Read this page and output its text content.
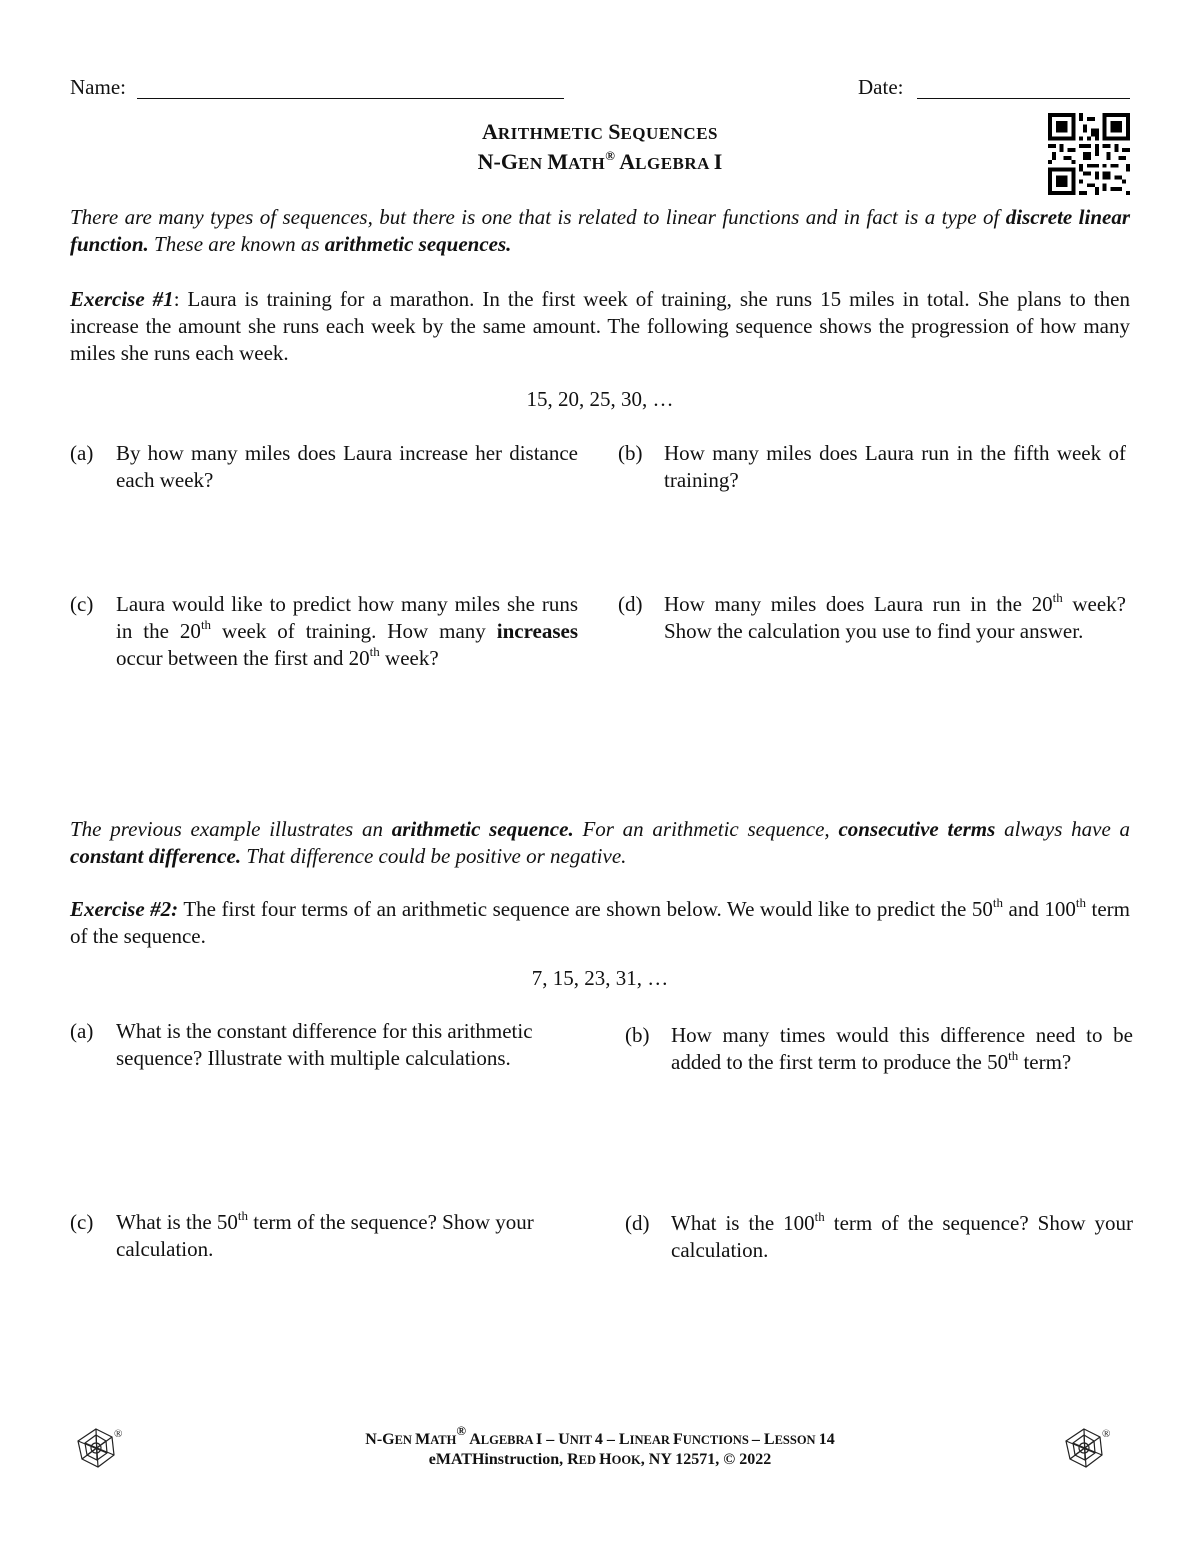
Name:	Date:
ARITHMETIC SEQUENCES
N-GEN MATH® ALGEBRA I
There are many types of sequences, but there is one that is related to linear functions and in fact is a type of discrete linear function. These are known as arithmetic sequences.
Exercise #1: Laura is training for a marathon. In the first week of training, she runs 15 miles in total. She plans to then increase the amount she runs each week by the same amount. The following sequence shows the progression of how many miles she runs each week.
15, 20, 25, 30, …
(a)	By how many miles does Laura increase her distance each week?
(b)	How many miles does Laura run in the fifth week of training?
(c)	Laura would like to predict how many miles she runs in the 20th week of training. How many increases occur between the first and 20th week?
(d)	How many miles does Laura run in the 20th week? Show the calculation you use to find your answer.
The previous example illustrates an arithmetic sequence. For an arithmetic sequence, consecutive terms always have a constant difference. That difference could be positive or negative.
Exercise #2: The first four terms of an arithmetic sequence are shown below. We would like to predict the 50th and 100th term of the sequence.
7, 15, 23, 31, …
(a)	What is the constant difference for this arithmetic sequence? Illustrate with multiple calculations.
(b)	How many times would this difference need to be added to the first term to produce the 50th term?
(c)	What is the 50th term of the sequence? Show your calculation.
(d)	What is the 100th term of the sequence? Show your calculation.
®	®
N-GEN MATH® ALGEBRA I – UNIT 4 – LINEAR FUNCTIONS – LESSON 14
eMATHinstruction, RED HOOK, NY 12571, © 2022
